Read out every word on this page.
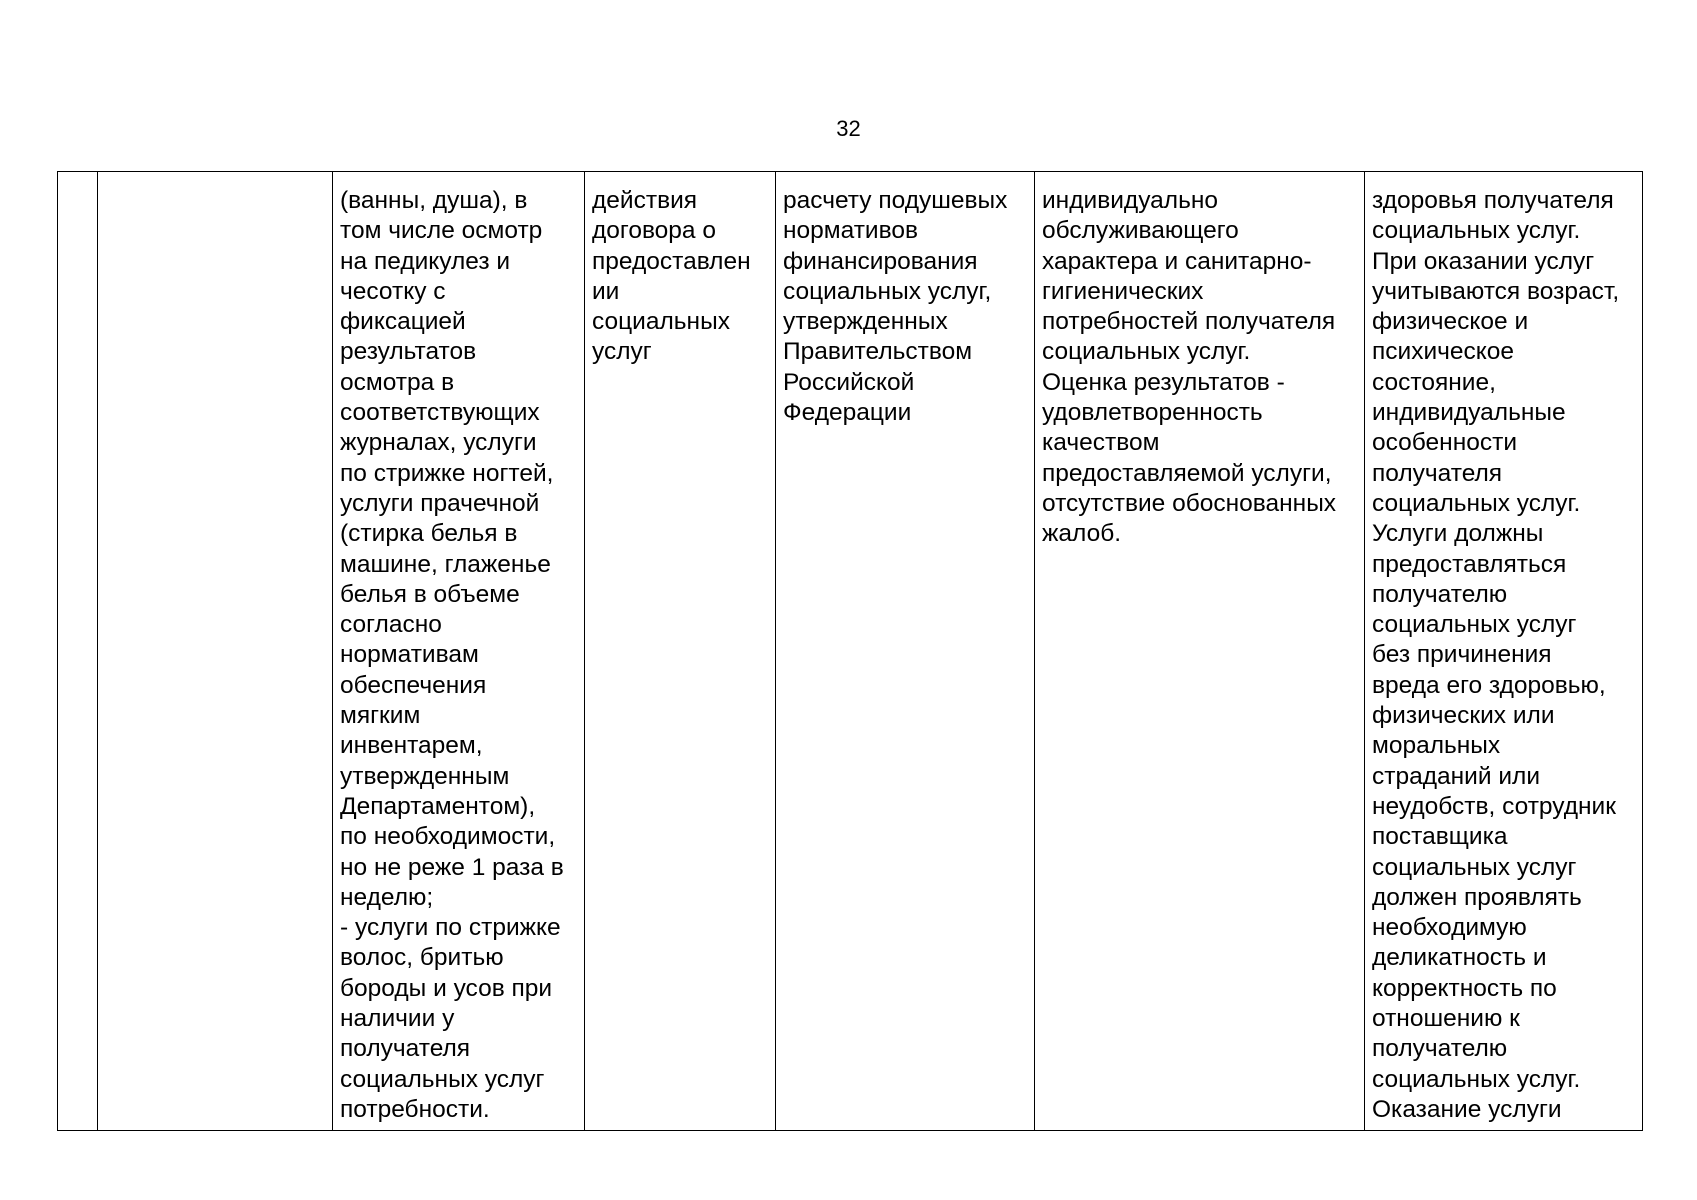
32

(ванны, душа), в
том числе осмотр
на педикулез и
чесотку с
фиксацией
результатов
осмотра в
соответствующих
журналах, услуги
по стрижке ногтей,
услуги прачечной
(стирка белья в
машине, глаженье
белья в объеме
согласно
нормативам
обеспечения
мягким
инвентарем,
утвержденным
Департаментом),
по необходимости,
но не реже 1 раза в
неделю;
- услуги по стрижке
волос, бритью
бороды и усов при
наличии у
получателя
социальных услуг
потребности.

действия
договора о
предоставлен
ии
социальных
услуг

расчету подушевых
нормативов
финансирования
социальных услуг,
утвержденных
Правительством
Российской
Федерации

индивидуально
обслуживающего
характера и санитарно-
гигиенических
потребностей получателя
социальных услуг.
Оценка результатов -
удовлетворенность
качеством
предоставляемой услуги,
отсутствие обоснованных
жалоб.

здоровья получателя
социальных услуг.
При оказании услуг
учитываются возраст,
физическое и
психическое
состояние,
индивидуальные
особенности
получателя
социальных услуг.
Услуги должны
предоставляться
получателю
социальных услуг
без причинения
вреда его здоровью,
физических или
моральных
страданий или
неудобств, сотрудник
поставщика
социальных услуг
должен проявлять
необходимую
деликатность и
корректность по
отношению к
получателю
социальных услуг.
Оказание услуги
